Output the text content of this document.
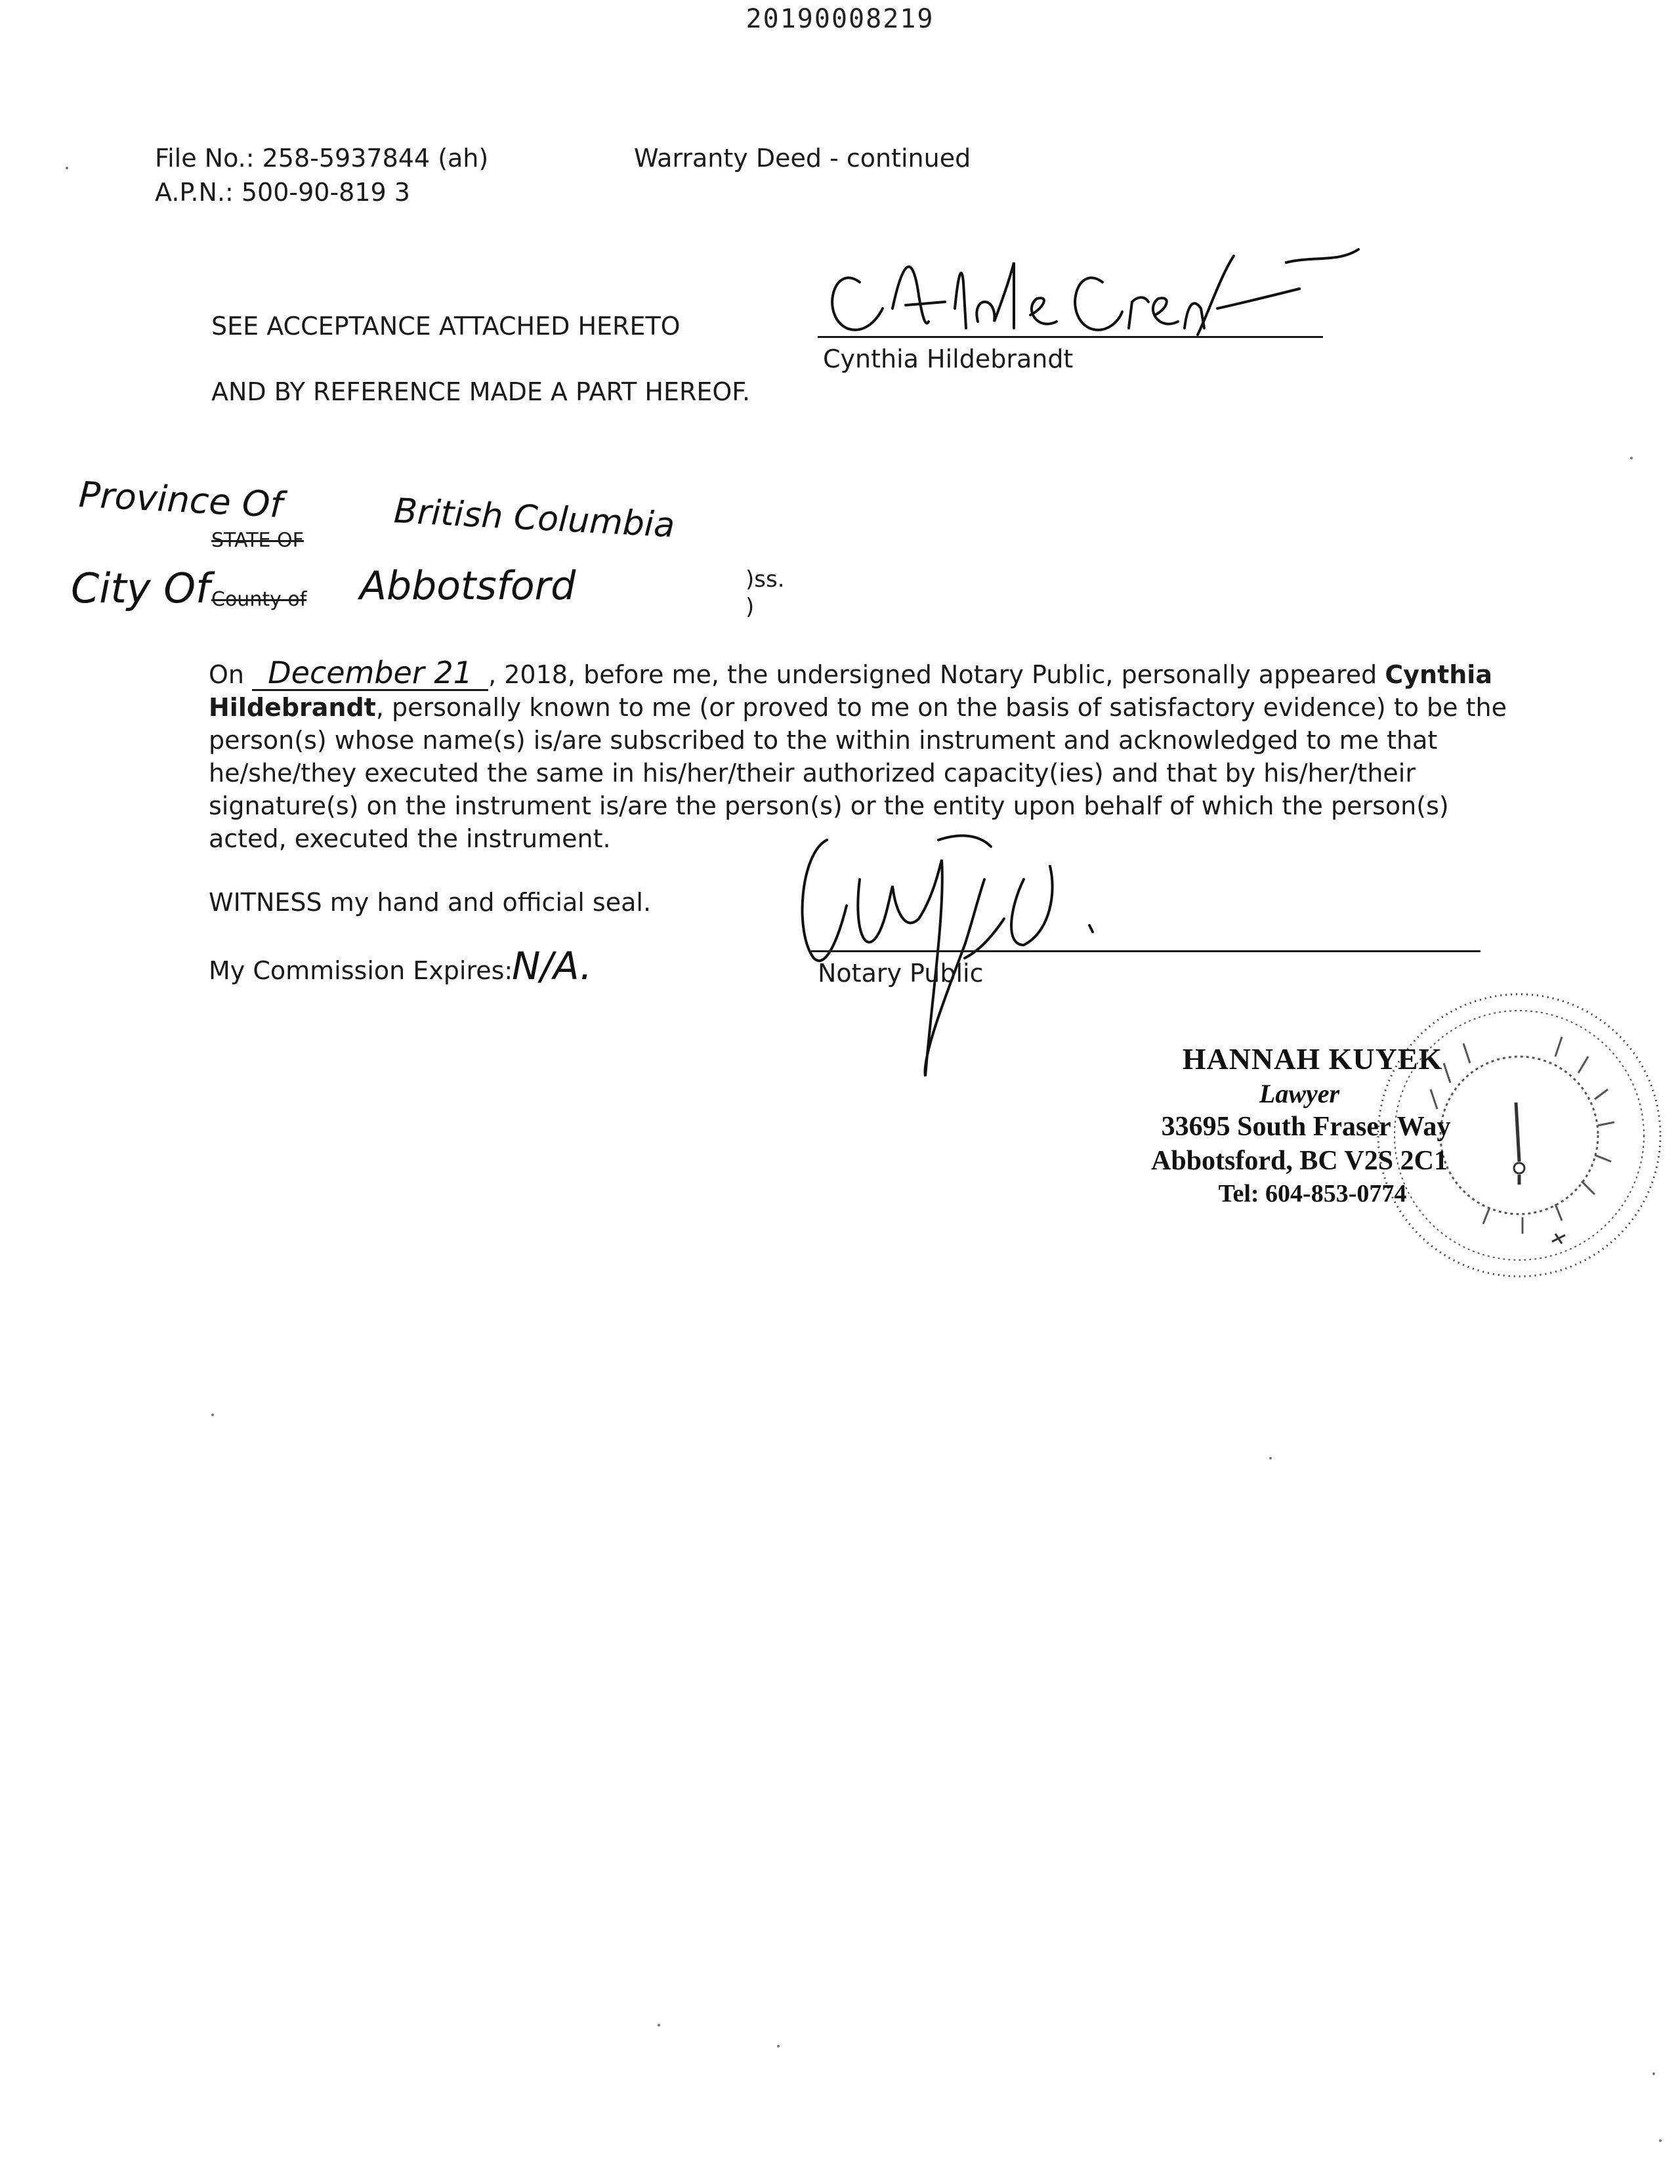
20190008219
File No.: 258-5937844 (ah)
A.P.N.: 500-90-819 3
Warranty Deed - continued
SEE ACCEPTANCE ATTACHED HERETO
AND BY REFERENCE MADE A PART HEREOF.
Cynthia Hildebrandt
Province Of
STATE OF	British Columbia
City Of County of Abbotsford	)ss.
)
On December 21 , 2018, before me, the undersigned Notary Public, personally appeared Cynthia
Hildebrandt, personally known to me (or proved to me on the basis of satisfactory evidence) to be the
person(s) whose name(s) is/are subscribed to the within instrument and acknowledged to me that
he/she/they executed the same in his/her/their authorized capacity(ies) and that by his/her/their
signature(s) on the instrument is/are the person(s) or the entity upon behalf of which the person(s)
acted, executed the instrument.
WITNESS my hand and official seal.
My Commission Expires:
N/A.	Notary Public
HANNAH KUYEK
Lawyer
33695 South Fraser Way
Abbotsford, BC V2S 2C1
Tel: 604-853-0774
